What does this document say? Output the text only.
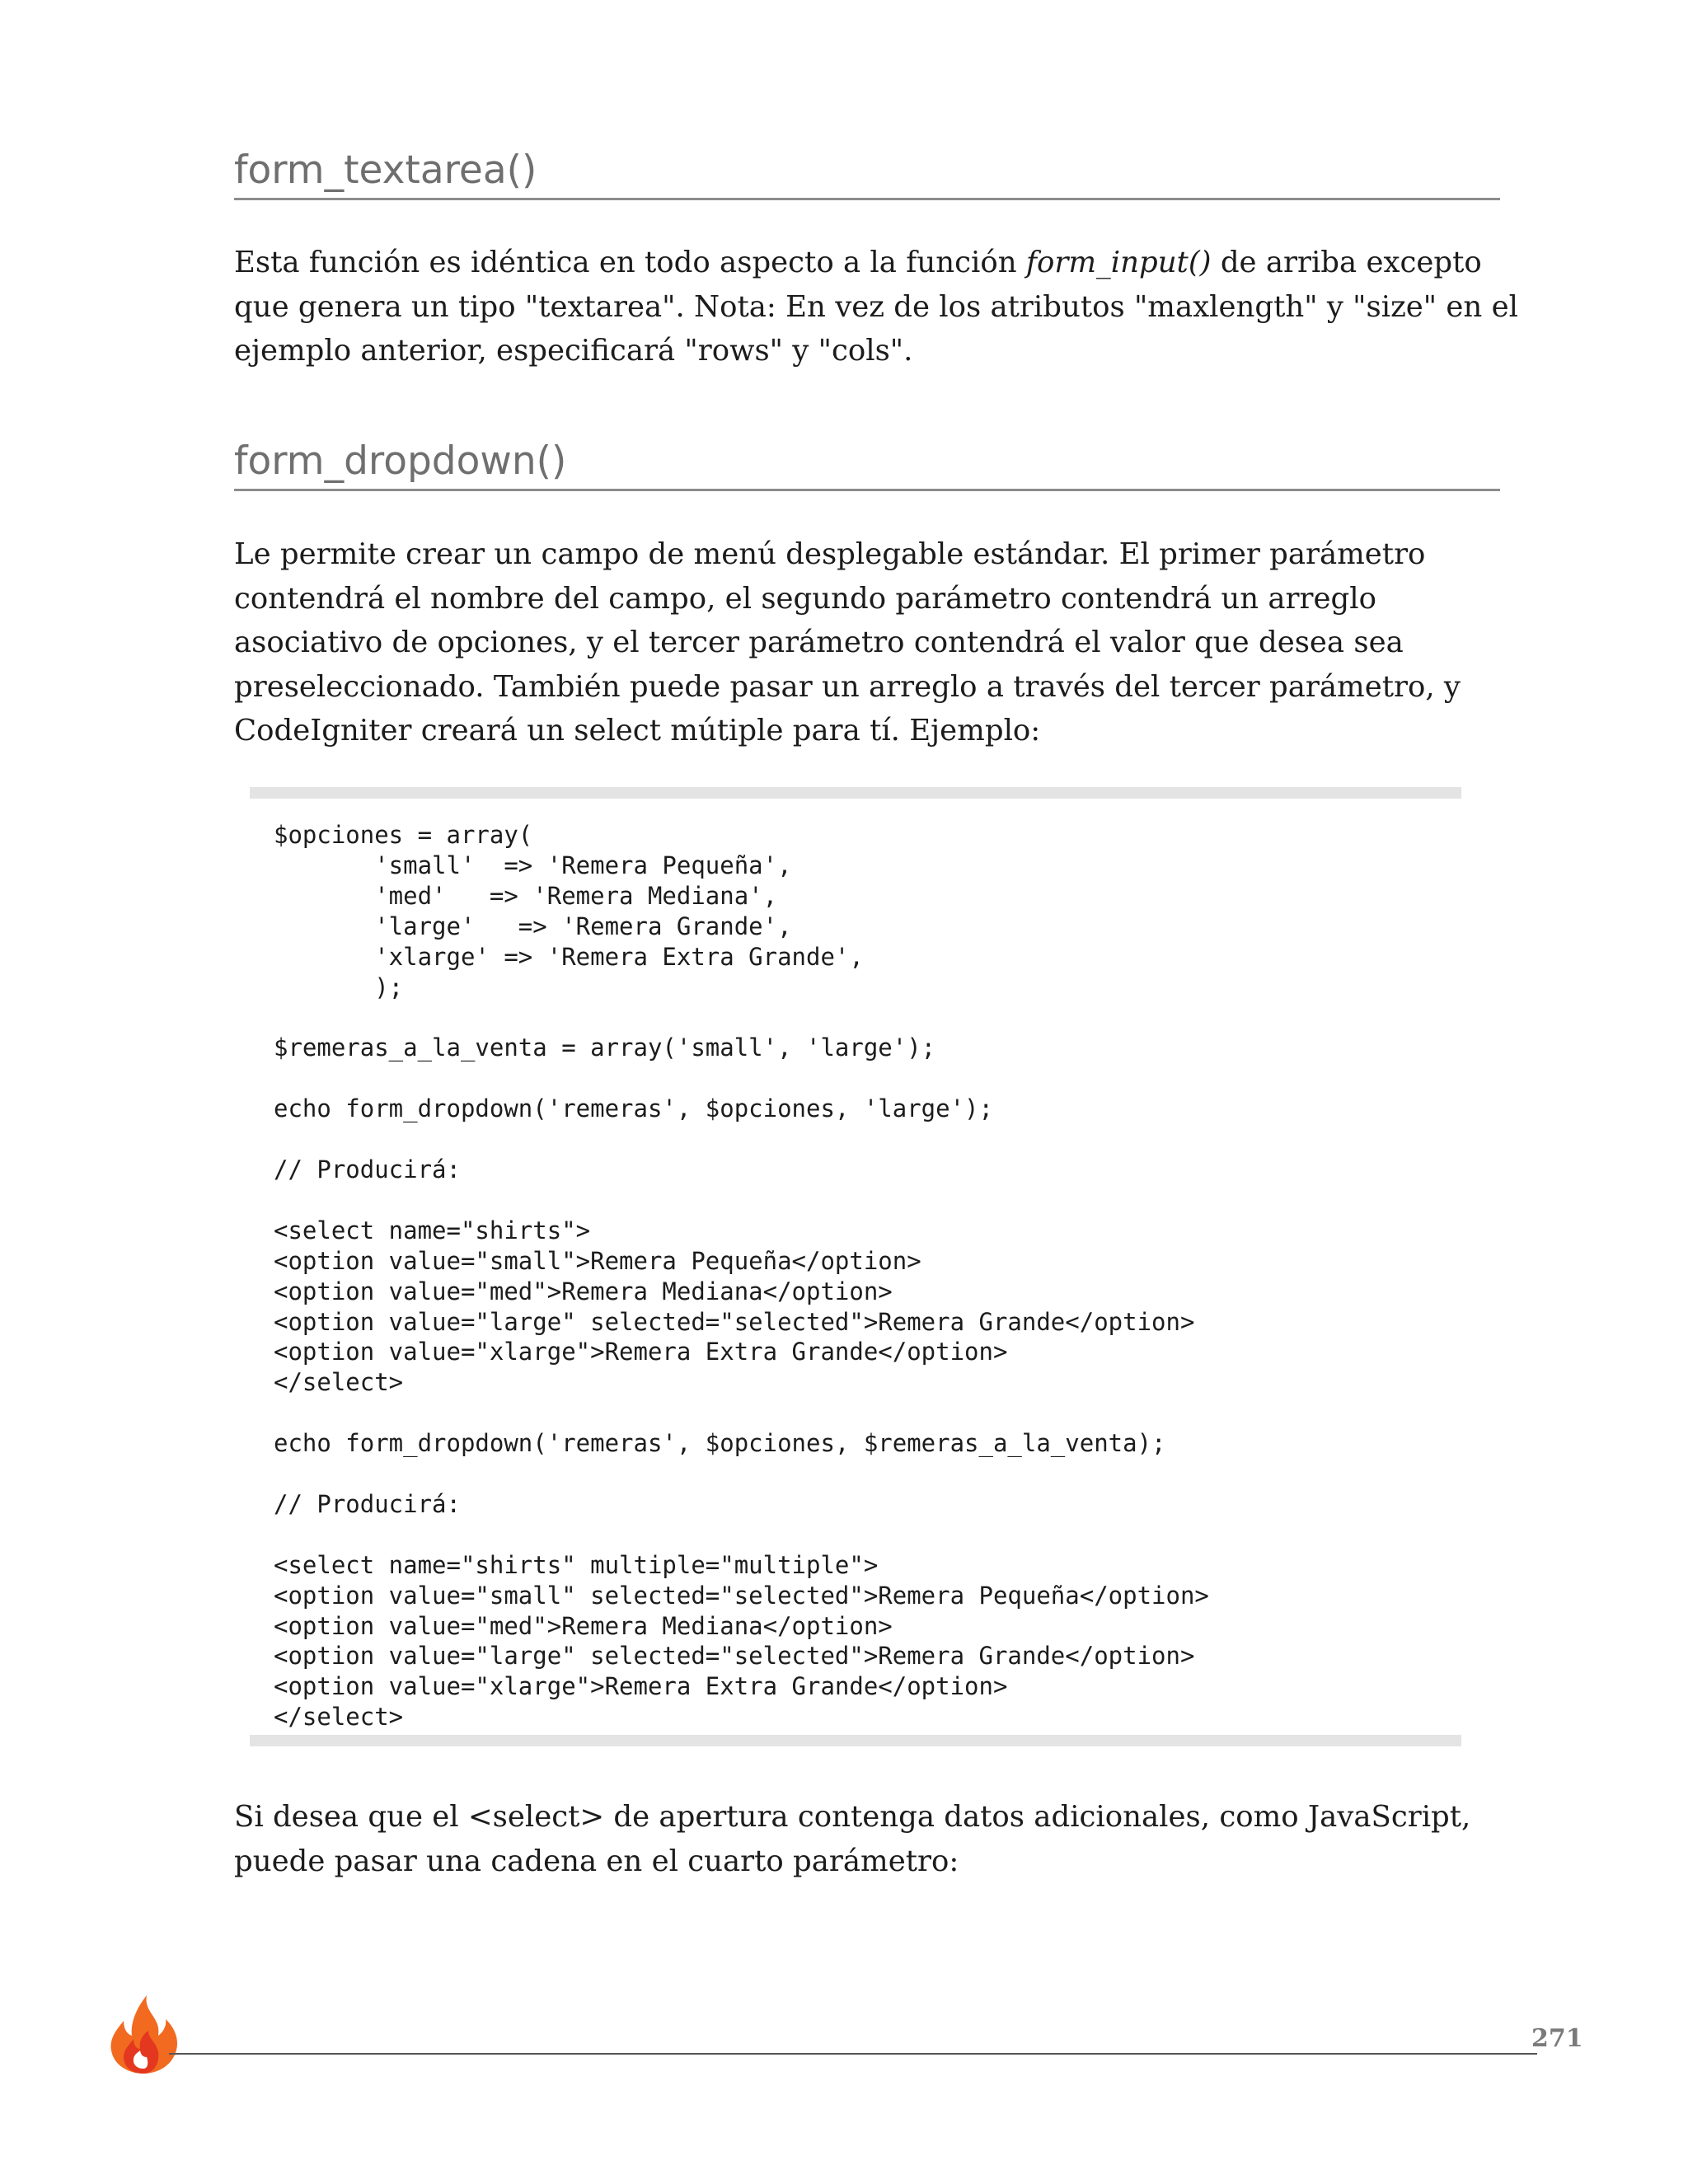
form_textarea()

Esta función es idéntica en todo aspecto a la función form_input() de arriba excepto
que genera un tipo "textarea". Nota: En vez de los atributos "maxlength" y "size" en el
ejemplo anterior, especificará "rows" y "cols".

form_dropdown()

Le permite crear un campo de menú desplegable estándar. El primer parámetro
contendrá el nombre del campo, el segundo parámetro contendrá un arreglo
asociativo de opciones, y el tercer parámetro contendrá el valor que desea sea
preseleccionado. También puede pasar un arreglo a través del tercer parámetro, y
CodeIgniter creará un select mútiple para tí. Ejemplo:

$opciones = array(
'small'  => 'Remera Pequeña',
'med'   => 'Remera Mediana',
'large'   => 'Remera Grande',
'xlarge' => 'Remera Extra Grande',
);

$remeras_a_la_venta = array('small', 'large');

echo form_dropdown('remeras', $opciones, 'large');

// Producirá:

<select name="shirts">
<option value="small">Remera Pequeña</option>
<option value="med">Remera Mediana</option>
<option value="large" selected="selected">Remera Grande</option>
<option value="xlarge">Remera Extra Grande</option>
</select>

echo form_dropdown('remeras', $opciones, $remeras_a_la_venta);

// Producirá:

<select name="shirts" multiple="multiple">
<option value="small" selected="selected">Remera Pequeña</option>
<option value="med">Remera Mediana</option>
<option value="large" selected="selected">Remera Grande</option>
<option value="xlarge">Remera Extra Grande</option>
</select>

Si desea que el <select> de apertura contenga datos adicionales, como JavaScript,
puede pasar una cadena en el cuarto parámetro:

271
